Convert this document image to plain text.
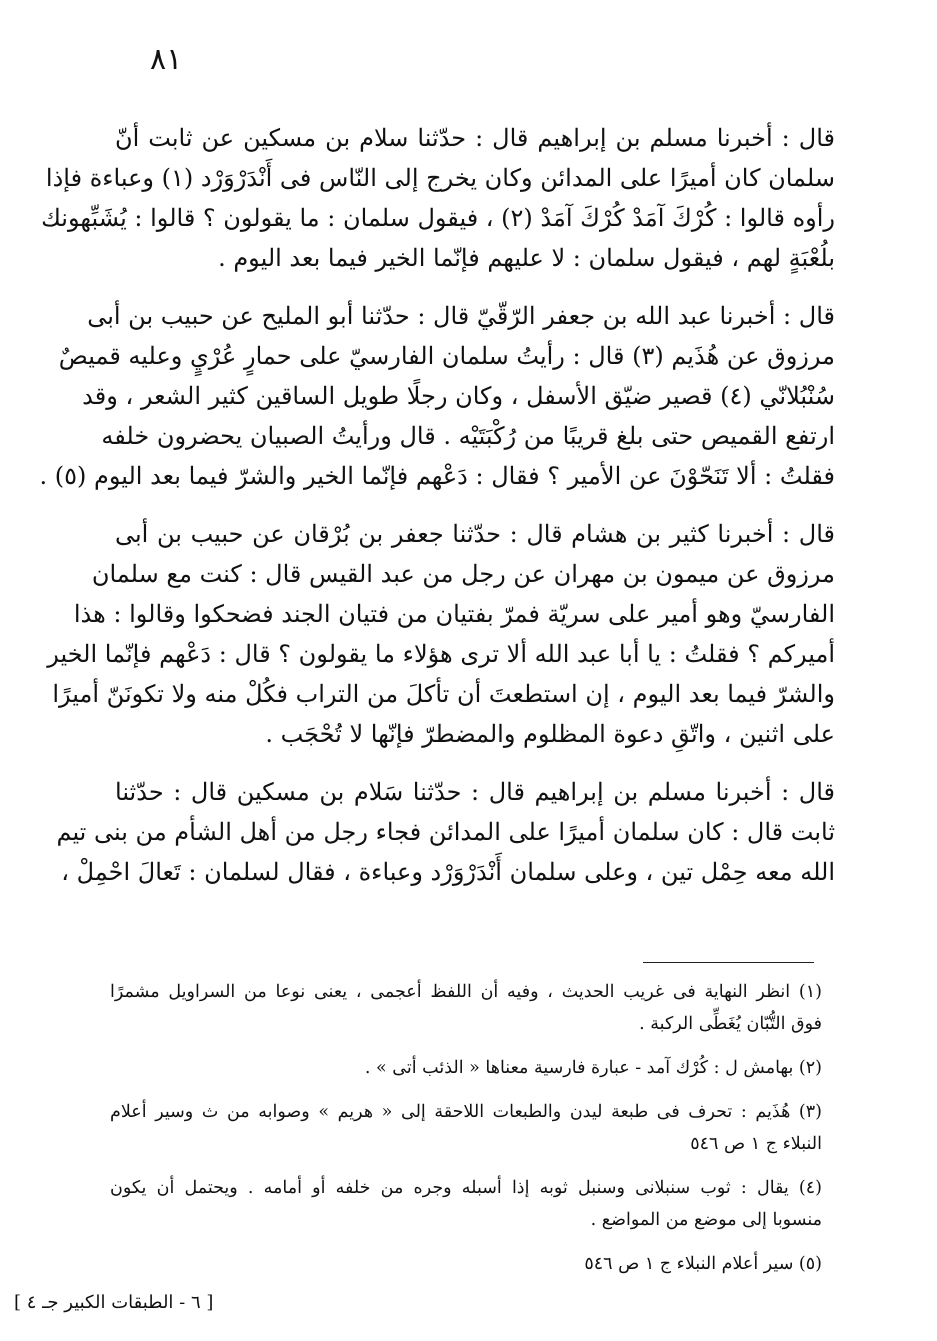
٨١
قال : أخبرنا مسلم بن إبراهيم قال : حدّثنا سلام بن مسكين عن ثابت أنّ
سلمان كان أميرًا على المدائن وكان يخرج إلى النّاس فى أَنْدَرْوَرْد (١) وعباءة فإذا
رأوه قالوا : كُرْكَ آمَدْ كُرْكَ آمَدْ (٢) ، فيقول سلمان : ما يقولون ؟ قالوا : يُشَبِّهونك
بلُعْبَةٍ لهم ، فيقول سلمان : لا عليهم فإنّما الخير فيما بعد اليوم .
قال : أخبرنا عبد الله بن جعفر الرّقّيّ قال : حدّثنا أبو المليح عن حبيب بن أبى
مرزوق عن هُذَيم (٣) قال : رأيتُ سلمان الفارسيّ على حمارٍ عُرْيٍ وعليه قميصٌ
سُنْبُلانّي (٤) قصير ضيّق الأسفل ، وكان رجلًا طويل الساقين كثير الشعر ، وقد
ارتفع القميص حتى بلغ قريبًا من رُكْبَتَيْه . قال ورأيتُ الصبيان يحضرون خلفه
فقلتُ : ألا تَنَحّوْنَ عن الأمير ؟ فقال : دَعْهم فإنّما الخير والشرّ فيما بعد اليوم (٥) .
قال : أخبرنا كثير بن هشام قال : حدّثنا جعفر بن بُرْقان عن حبيب بن أبى
مرزوق عن ميمون بن مهران عن رجل من عبد القيس قال : كنت مع سلمان
الفارسيّ وهو أمير على سريّة فمرّ بفتيان من فتيان الجند فضحكوا وقالوا : هذا
أميركم ؟ فقلتُ : يا أبا عبد الله ألا ترى هؤلاء ما يقولون ؟ قال : دَعْهم فإنّما الخير
والشرّ فيما بعد اليوم ، إن استطعتَ أن تأكلَ من التراب فكُلْ منه ولا تكونَنّ أميرًا
على اثنين ، واتّقِ دعوة المظلوم والمضطرّ فإنّها لا تُحْجَب .
قال : أخبرنا مسلم بن إبراهيم قال : حدّثنا سَلام بن مسكين قال : حدّثنا
ثابت قال : كان سلمان أميرًا على المدائن فجاء رجل من أهل الشأم من بنى تيم
الله معه حِمْل تين ، وعلى سلمان أَنْدَرْوَرْد وعباءة ، فقال لسلمان : تَعالَ احْمِلْ ،
(١) انظر النهاية فى غريب الحديث ، وفيه أن اللفظ أعجمى ، يعنى نوعا من السراويل مشمرًا
فوق التُّبّان يُغَطِّى الركبة .
(٢) بهامش ل : كُرْك آمد - عبارة فارسية معناها « الذئب أتى » .
(٣) هُذَيم : تحرف فى طبعة ليدن والطبعات اللاحقة إلى « هريم » وصوابه من ث وسير أعلام
النبلاء ج ١ ص ٥٤٦
(٤) يقال : ثوب سنبلانى وسنبل ثوبه إذا أسبله وجره من خلفه أو أمامه . ويحتمل أن يكون
منسوبا إلى موضع من المواضع .
(٥) سير أعلام النبلاء ج ١ ص ٥٤٦
[ ٦ - الطبقات الكبير جـ ٤ ]
